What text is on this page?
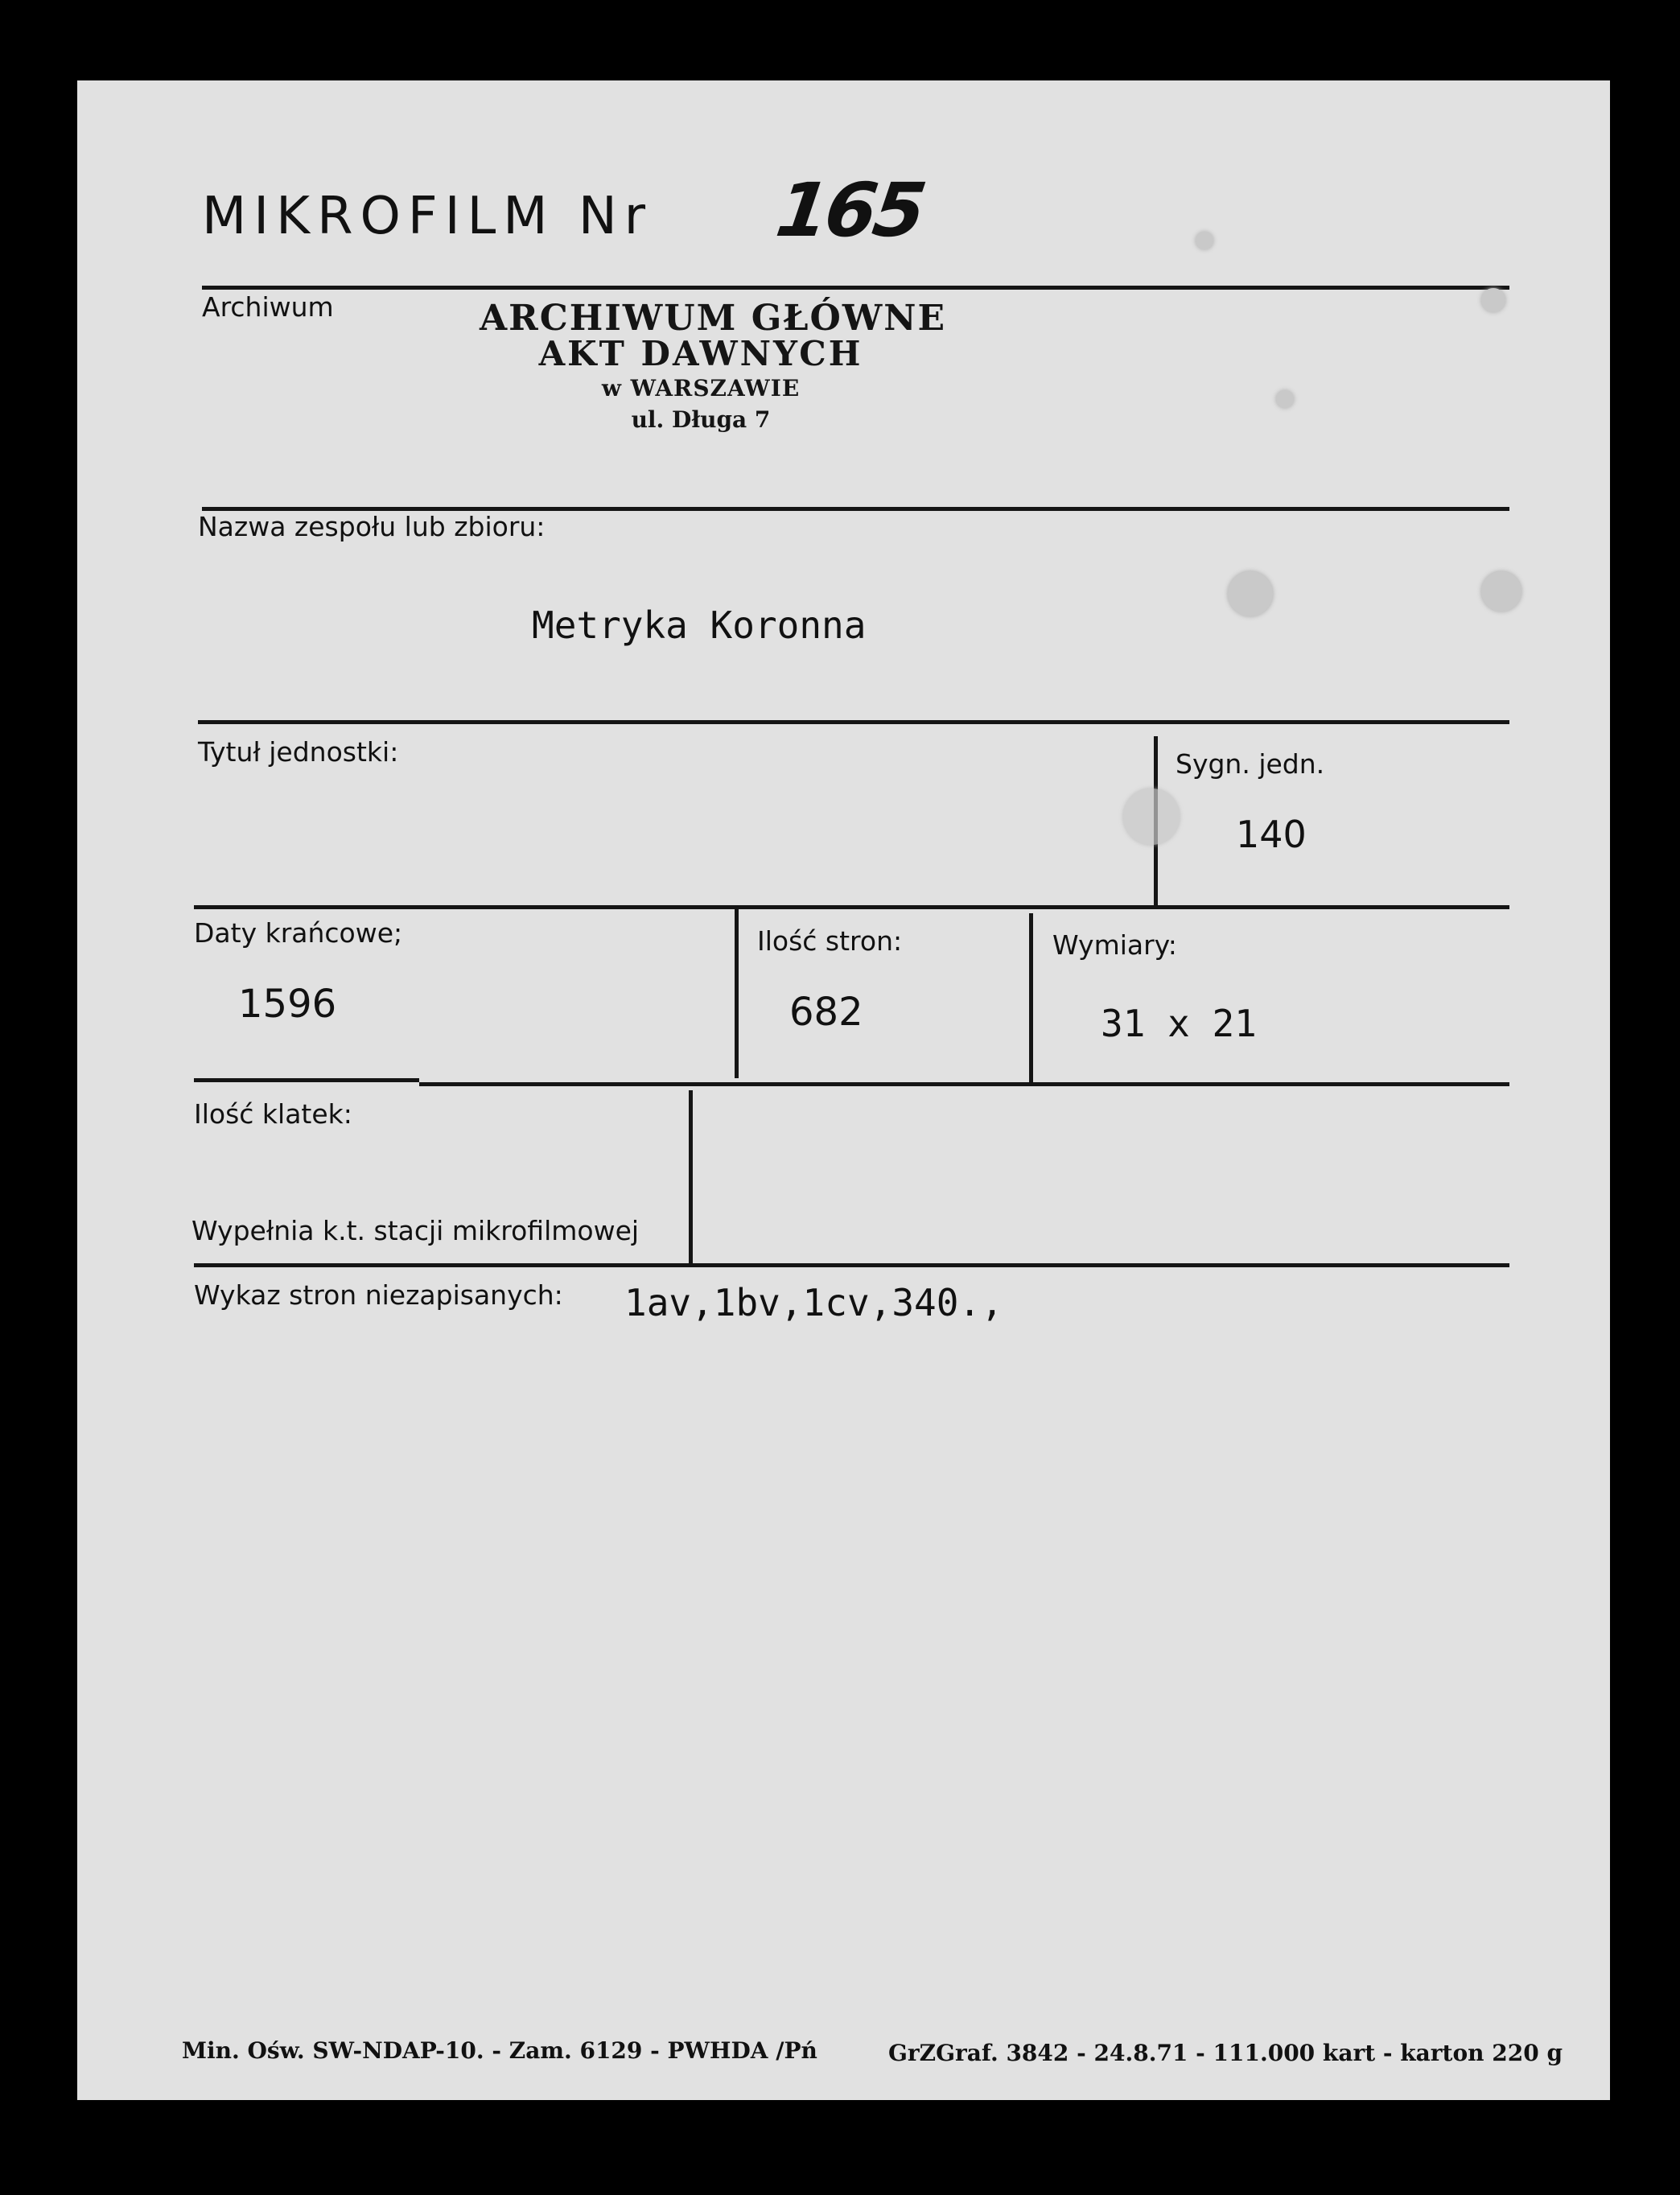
MIKROFILM Nr 165
Archiwum	ARCHIWUM GŁÓWNE
AKT DAWNYCH
w WARSZAWIE
ul. Długa 7
Nazwa zespołu lub zbioru:
Metryka Koronna
Tytuł jednostki:	Sygn. jedn.
140
Daty krańcowe;
1596
Ilość stron:
682
Wymiary:
31 x 21
Ilość klatek:
Wypełnia k.t. stacji mikrofilmowej
Wykaz stron niezapisanych: 1av,1bv,1cv,340.,
Min. Ośw. SW-NDAP-10. - Zam. 6129 - PWHDA /Pń	GrZGraf. 3842 - 24.8.71 - 111.000 kart - karton 220 g
